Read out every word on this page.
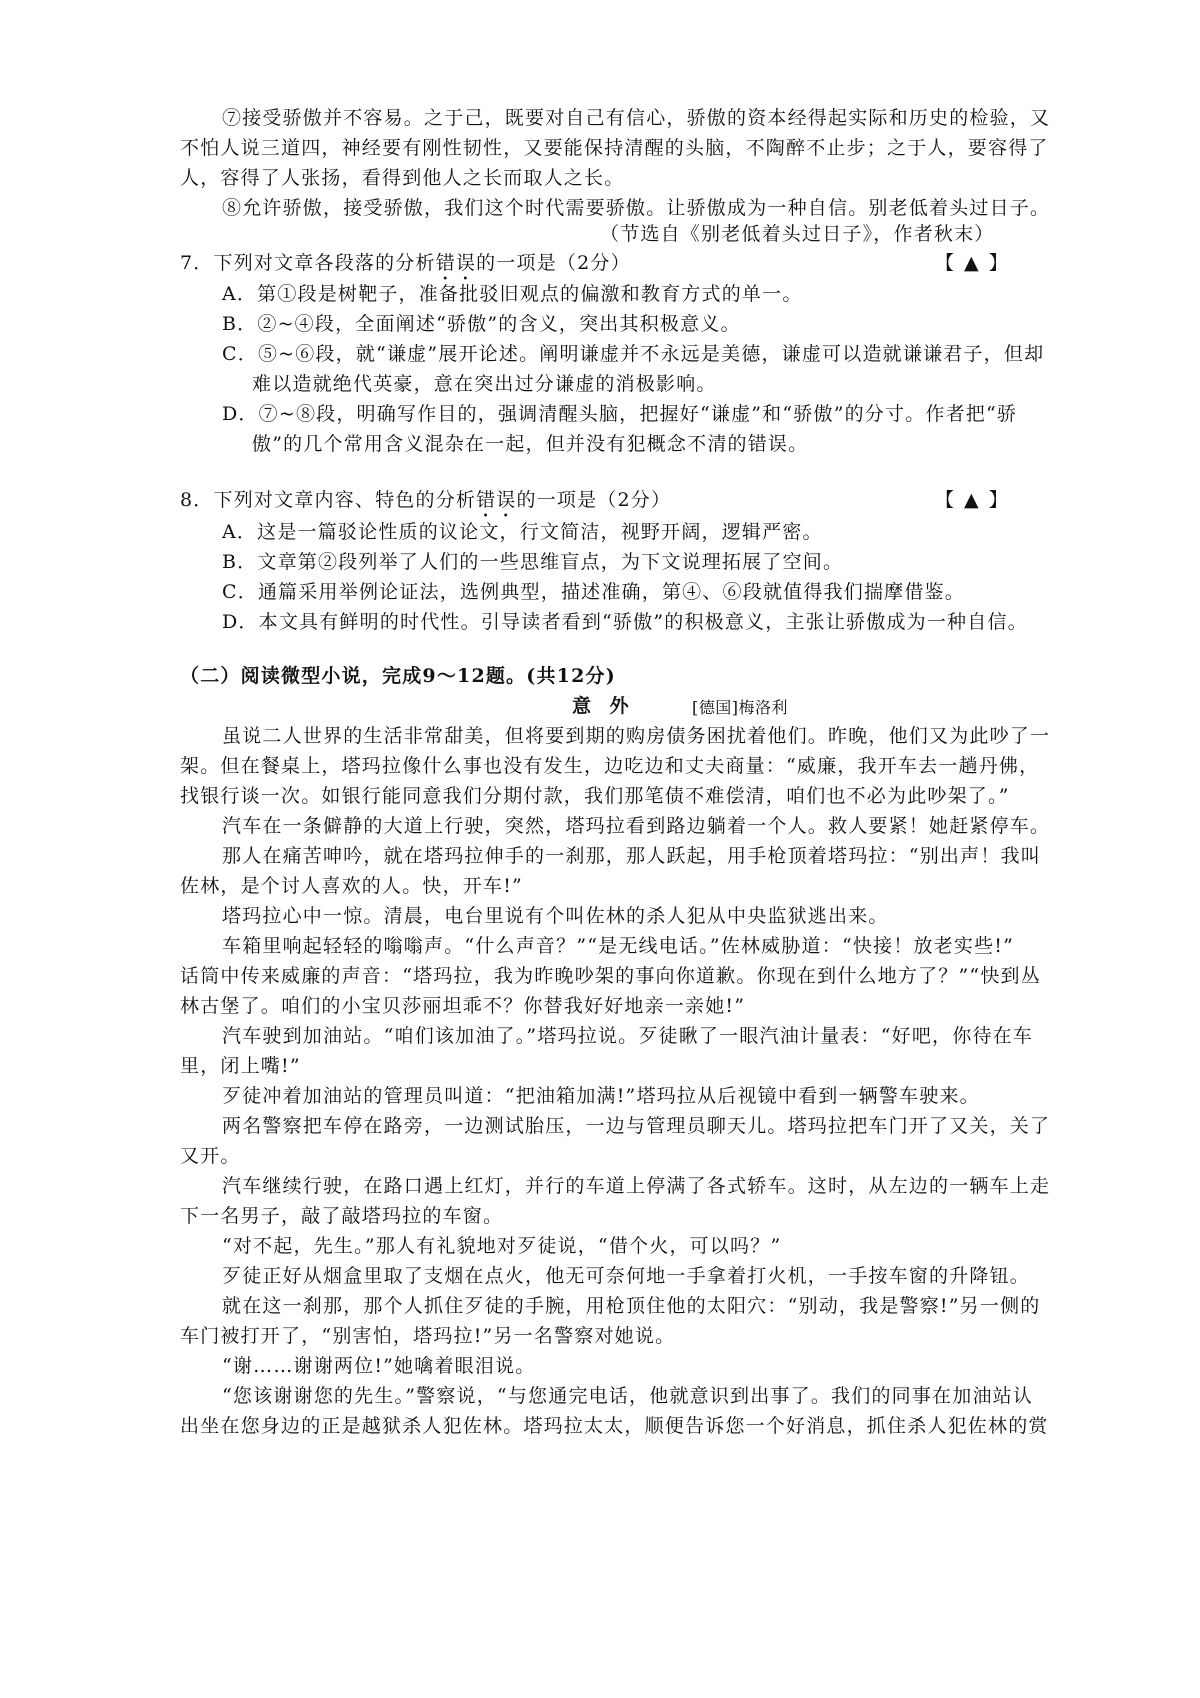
⑦接受骄傲并不容易。之于己，既要对自己有信心，骄傲的资本经得起实际和历史的检验，又
不怕人说三道四，神经要有刚性韧性，又要能保持清醒的头脑，不陶醉不止步；之于人，要容得了
人，容得了人张扬，看得到他人之长而取人之长。
⑧允许骄傲，接受骄傲，我们这个时代需要骄傲。让骄傲成为一种自信。别老低着头过日子。
（节选自《别老低着头过日子》，作者秋末）
7．下列对文章各段落的分析错误的一项是（2分）	【 ▲ 】
A．第①段是树靶子，准备批驳旧观点的偏激和教育方式的单一。
B．②~④段，全面阐述“骄傲”的含义，突出其积极意义。
C．⑤~⑥段，就“谦虚”展开论述。阐明谦虚并不永远是美德，谦虚可以造就谦谦君子，但却
难以造就绝代英豪，意在突出过分谦虚的消极影响。
D．⑦~⑧段，明确写作目的，强调清醒头脑，把握好“谦虚”和“骄傲”的分寸。作者把“骄
傲”的几个常用含义混杂在一起，但并没有犯概念不清的错误。
8．下列对文章内容、特色的分析错误的一项是（2分）	【 ▲ 】
A．这是一篇驳论性质的议论文，行文简洁，视野开阔，逻辑严密。
B．文章第②段列举了人们的一些思维盲点，为下文说理拓展了空间。
C．通篇采用举例论证法，选例典型，描述准确，第④、⑥段就值得我们揣摩借鉴。
D．本文具有鲜明的时代性。引导读者看到“骄傲”的积极意义，主张让骄傲成为一种自信。
（二）阅读微型小说，完成9～12题。(共12分)
意 外	[德国]梅洛利
虽说二人世界的生活非常甜美，但将要到期的购房债务困扰着他们。昨晚，他们又为此吵了一
架。但在餐桌上，塔玛拉像什么事也没有发生，边吃边和丈夫商量：“威廉，我开车去一趟丹佛，
找银行谈一次。如银行能同意我们分期付款，我们那笔债不难偿清，咱们也不必为此吵架了。”
汽车在一条僻静的大道上行驶，突然，塔玛拉看到路边躺着一个人。救人要紧！她赶紧停车。
那人在痛苦呻吟，就在塔玛拉伸手的一刹那，那人跃起，用手枪顶着塔玛拉：“别出声！我叫
佐林，是个讨人喜欢的人。快，开车!”
塔玛拉心中一惊。清晨，电台里说有个叫佐林的杀人犯从中央监狱逃出来。
车箱里响起轻轻的嗡嗡声。“什么声音？”“是无线电话。”佐林威胁道：“快接！放老实些!”
话筒中传来威廉的声音：“塔玛拉，我为昨晚吵架的事向你道歉。你现在到什么地方了？”“快到丛
林古堡了。咱们的小宝贝莎丽坦乖不？你替我好好地亲一亲她!”
汽车驶到加油站。“咱们该加油了。”塔玛拉说。歹徒瞅了一眼汽油计量表：“好吧，你待在车
里，闭上嘴!”
歹徒冲着加油站的管理员叫道：“把油箱加满!”塔玛拉从后视镜中看到一辆警车驶来。
两名警察把车停在路旁，一边测试胎压，一边与管理员聊天儿。塔玛拉把车门开了又关，关了
又开。
汽车继续行驶，在路口遇上红灯，并行的车道上停满了各式轿车。这时，从左边的一辆车上走
下一名男子，敲了敲塔玛拉的车窗。
“对不起，先生。”那人有礼貌地对歹徒说，“借个火，可以吗？”
歹徒正好从烟盒里取了支烟在点火，他无可奈何地一手拿着打火机，一手按车窗的升降钮。
就在这一刹那，那个人抓住歹徒的手腕，用枪顶住他的太阳穴：“别动，我是警察!”另一侧的
车门被打开了，“别害怕，塔玛拉!”另一名警察对她说。
“谢……谢谢两位!”她噙着眼泪说。
“您该谢谢您的先生。”警察说，“与您通完电话，他就意识到出事了。我们的同事在加油站认
出坐在您身边的正是越狱杀人犯佐林。塔玛拉太太，顺便告诉您一个好消息，抓住杀人犯佐林的赏
